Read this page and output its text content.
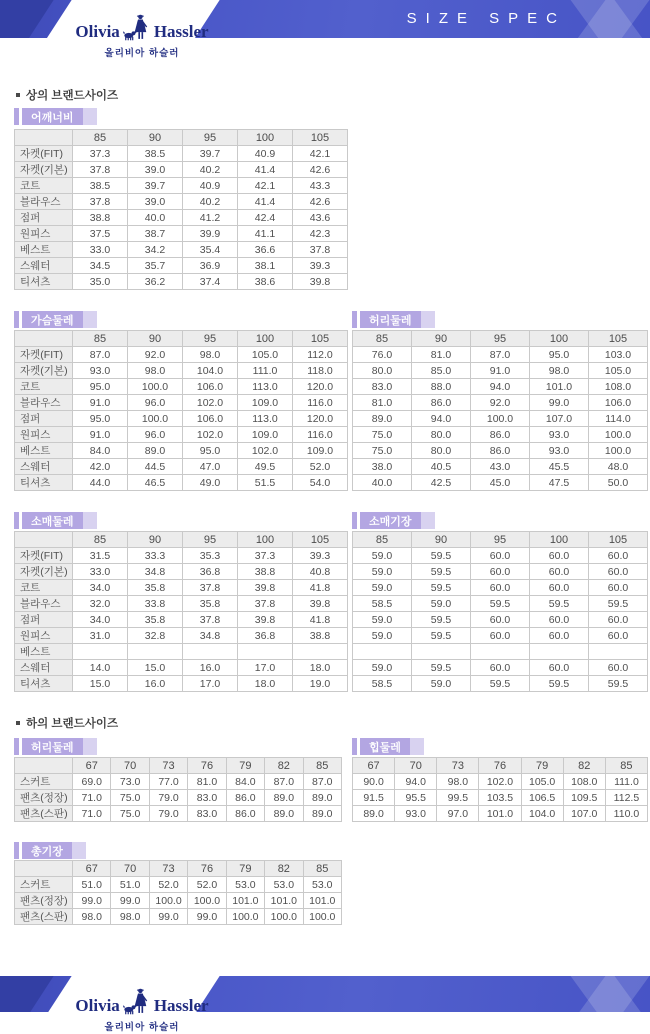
SIZE SPEC
Olivia Hassler
올리비아 하슬러
상의 브랜드사이즈
어깨너비
	85	90	95	100	105
자켓(FIT)	37.3	38.5	39.7	40.9	42.1
자켓(기본)	37.8	39.0	40.2	41.4	42.6
코트	38.5	39.7	40.9	42.1	43.3
블라우스	37.8	39.0	40.2	41.4	42.6
점퍼	38.8	40.0	41.2	42.4	43.6
원피스	37.5	38.7	39.9	41.1	42.3
베스트	33.0	34.2	35.4	36.6	37.8
스웨터	34.5	35.7	36.9	38.1	39.3
티셔츠	35.0	36.2	37.4	38.6	39.8
가슴둘레
	85	90	95	100	105
자켓(FIT)	87.0	92.0	98.0	105.0	112.0
자켓(기본)	93.0	98.0	104.0	111.0	118.0
코트	95.0	100.0	106.0	113.0	120.0
블라우스	91.0	96.0	102.0	109.0	116.0
점퍼	95.0	100.0	106.0	113.0	120.0
원피스	91.0	96.0	102.0	109.0	116.0
베스트	84.0	89.0	95.0	102.0	109.0
스웨터	42.0	44.5	47.0	49.5	52.0
티셔츠	44.0	46.5	49.0	51.5	54.0
허리둘레
85	90	95	100	105
76.0	81.0	87.0	95.0	103.0
80.0	85.0	91.0	98.0	105.0
83.0	88.0	94.0	101.0	108.0
81.0	86.0	92.0	99.0	106.0
89.0	94.0	100.0	107.0	114.0
75.0	80.0	86.0	93.0	100.0
75.0	80.0	86.0	93.0	100.0
38.0	40.5	43.0	45.5	48.0
40.0	42.5	45.0	47.5	50.0
소매둘레
	85	90	95	100	105
자켓(FIT)	31.5	33.3	35.3	37.3	39.3
자켓(기본)	33.0	34.8	36.8	38.8	40.8
코트	34.0	35.8	37.8	39.8	41.8
블라우스	32.0	33.8	35.8	37.8	39.8
점퍼	34.0	35.8	37.8	39.8	41.8
원피스	31.0	32.8	34.8	36.8	38.8
베스트					
스웨터	14.0	15.0	16.0	17.0	18.0
티셔츠	15.0	16.0	17.0	18.0	19.0
소매기장
85	90	95	100	105
59.0	59.5	60.0	60.0	60.0
59.0	59.5	60.0	60.0	60.0
59.0	59.5	60.0	60.0	60.0
58.5	59.0	59.5	59.5	59.5
59.0	59.5	60.0	60.0	60.0
59.0	59.5	60.0	60.0	60.0

59.0	59.5	60.0	60.0	60.0
58.5	59.0	59.5	59.5	59.5
하의 브랜드사이즈
허리둘레
	67	70	73	76	79	82	85
스커트	69.0	73.0	77.0	81.0	84.0	87.0	87.0
팬츠(정장)	71.0	75.0	79.0	83.0	86.0	89.0	89.0
팬츠(스판)	71.0	75.0	79.0	83.0	86.0	89.0	89.0
힙둘레
67	70	73	76	79	82	85
90.0	94.0	98.0	102.0	105.0	108.0	111.0
91.5	95.5	99.5	103.5	106.5	109.5	112.5
89.0	93.0	97.0	101.0	104.0	107.0	110.0
총기장
	67	70	73	76	79	82	85
스커트	51.0	51.0	52.0	52.0	53.0	53.0	53.0
팬츠(정장)	99.0	99.0	100.0	100.0	101.0	101.0	101.0
팬츠(스판)	98.0	98.0	99.0	99.0	100.0	100.0	100.0
Olivia Hassler
올리비아 하슬러
